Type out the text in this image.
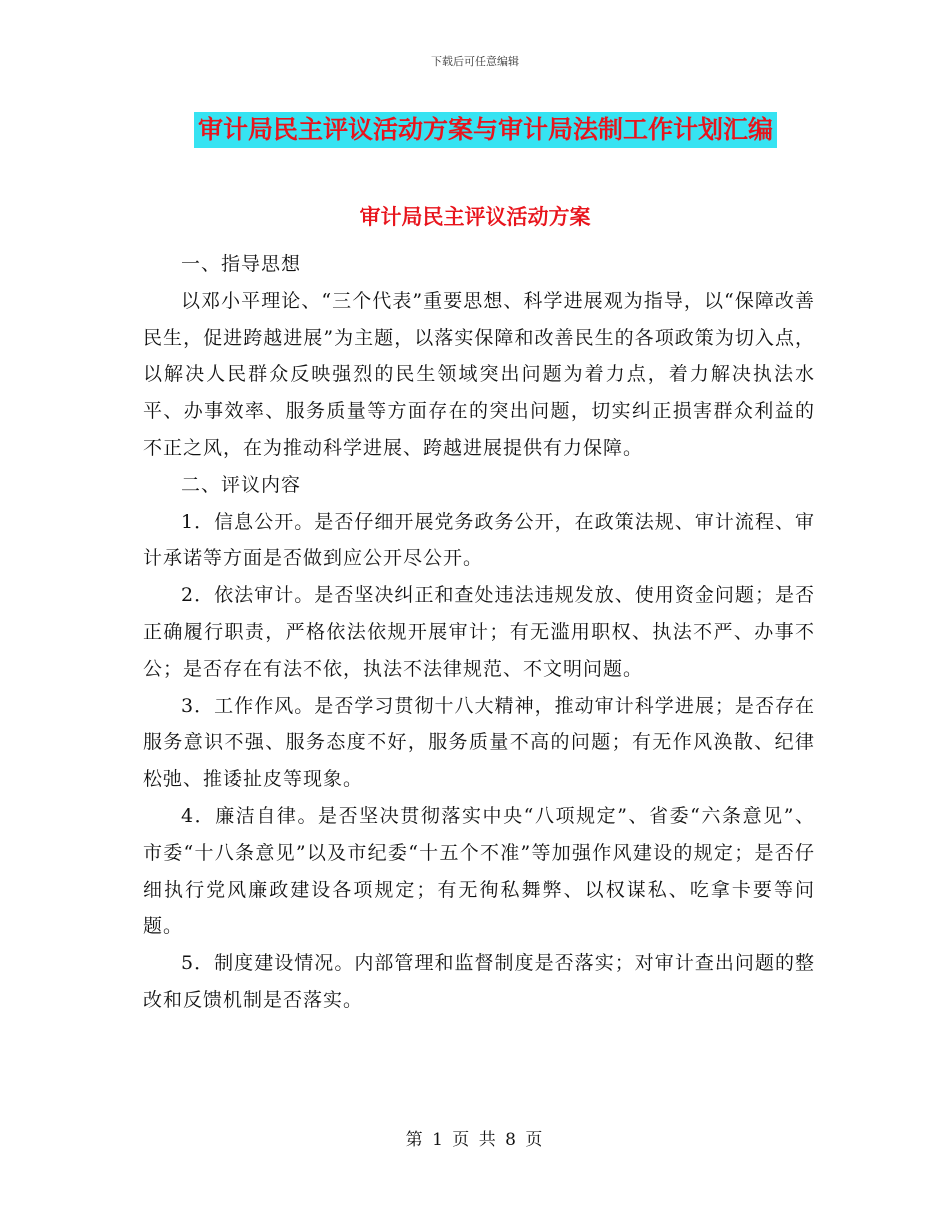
下载后可任意编辑
审计局民主评议活动方案与审计局法制工作计划汇编
审计局民主评议活动方案

一、指导思想

以邓小平理论、“三个代表”重要思想、科学进展观为指导，以“保障改善民生，促进跨越进展”为主题，以落实保障和改善民生的各项政策为切入点，以解决人民群众反映强烈的民生领域突出问题为着力点，着力解决执法水平、办事效率、服务质量等方面存在的突出问题，切实纠正损害群众利益的不正之风，在为推动科学进展、跨越进展提供有力保障。

二、评议内容

1．信息公开。是否仔细开展党务政务公开，在政策法规、审计流程、审计承诺等方面是否做到应公开尽公开。

2．依法审计。是否坚决纠正和查处违法违规发放、使用资金问题；是否正确履行职责，严格依法依规开展审计；有无滥用职权、执法不严、办事不公；是否存在有法不依，执法不法律规范、不文明问题。

3．工作作风。是否学习贯彻十八大精神，推动审计科学进展；是否存在服务意识不强、服务态度不好，服务质量不高的问题；有无作风涣散、纪律松弛、推诿扯皮等现象。

4．廉洁自律。是否坚决贯彻落实中央“八项规定”、省委“六条意见”、市委“十八条意见”以及市纪委“十五个不准”等加强作风建设的规定；是否仔细执行党风廉政建设各项规定；有无徇私舞弊、以权谋私、吃拿卡要等问题。

5．制度建设情况。内部管理和监督制度是否落实；对审计查出问题的整改和反馈机制是否落实。

第 1 页 共 8 页
